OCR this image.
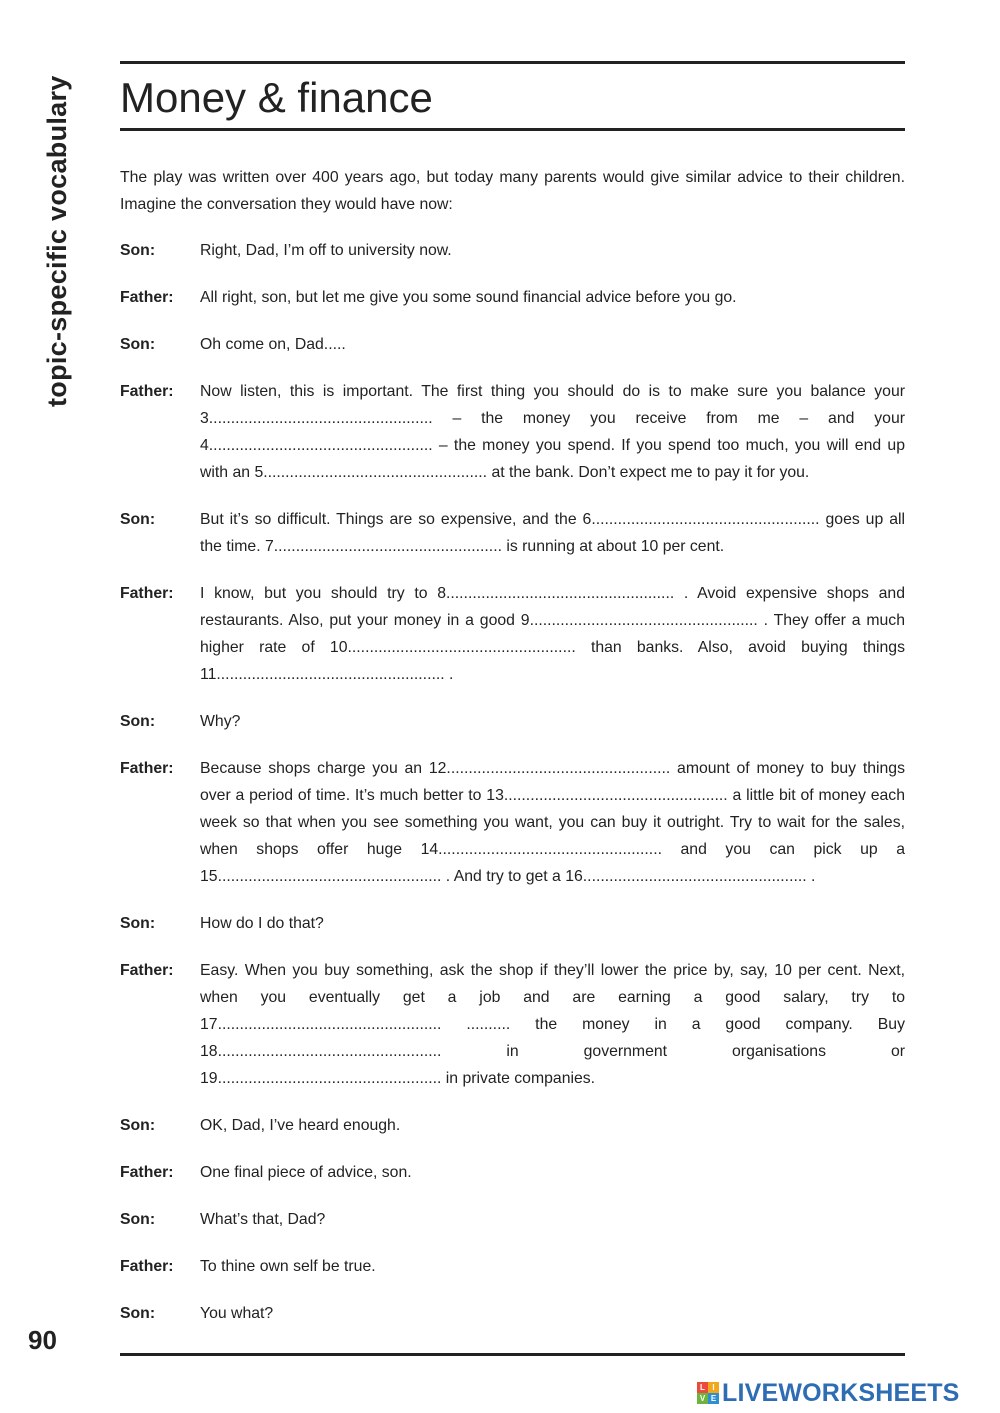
topic-specific vocabulary Money & finance

The play was written over 400 years ago, but today many parents would give similar advice to their children. Imagine the conversation they would have now:

Son:	Right, Dad, I’m off to university now.
Father:	All right, son, but let me give you some sound financial advice before you go.
Son:	Oh come on, Dad.....
Father:	Now listen, this is important. The first thing you should do is to make sure you balance your 3................................................... – the money you receive from me – and your 4................................................... – the money you spend. If you spend too much, you will end up with an 5................................................... at the bank. Don’t expect me to pay it for you.
Son:	But it’s so difficult. Things are so expensive, and the 6.................................................... goes up all the time. 7.................................................... is running at about 10 per cent.
Father:	I know, but you should try to 8.................................................... . Avoid expensive shops and restaurants. Also, put your money in a good 9.................................................... . They offer a much higher rate of 10.................................................... than banks. Also, avoid buying things 11.................................................... .
Son:	Why?
Father:	Because shops charge you an 12................................................... amount of money to buy things over a period of time. It’s much better to 13................................................... a little bit of money each week so that when you see something you want, you can buy it outright. Try to wait for the sales, when shops offer huge 14................................................... and you can pick up a 15................................................... . And try to get a 16................................................... .
Son:	How do I do that?
Father:	Easy. When you buy something, ask the shop if they’ll lower the price by, say, 10 per cent. Next, when you eventually get a job and are earning a good salary, try to 17................................................... .......... the money in a good company. Buy 18................................................... in government organisations or 19................................................... in private companies.
Son:	OK, Dad, I’ve heard enough.
Father:	One final piece of advice, son.
Son:	What’s that, Dad?
Father:	To thine own self be true.
Son:	You what?
90
L I
V E LIVEWORKSHEETS
